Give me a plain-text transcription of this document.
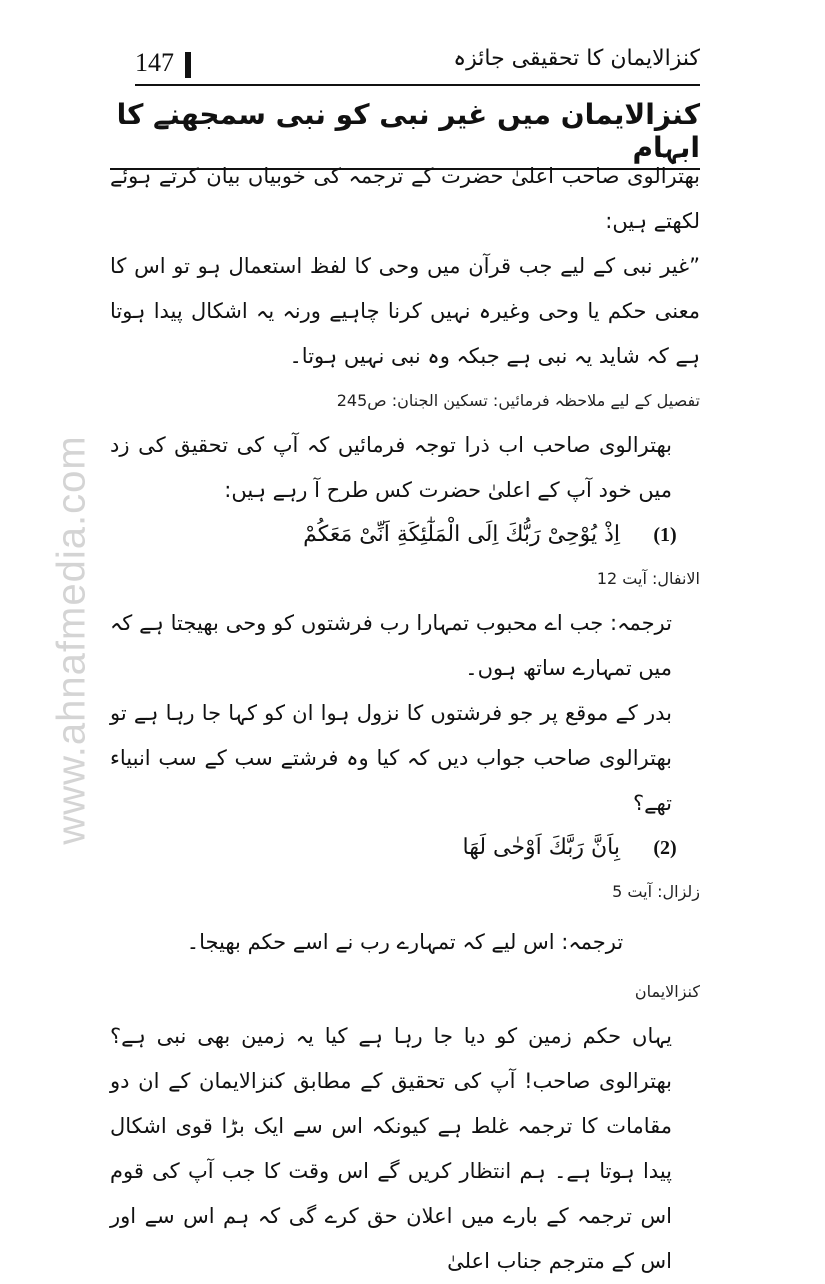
www.ahnafmedia.com
147	کنزالایمان کا تحقیقی جائزہ
کنزالایمان میں غیر نبی کو نبی سمجھنے کا ابہام

بھترالوی صاحب اعلیٰ حضرت کے ترجمہ کی خوبیاں بیان کرتے ہوئے لکھتے ہیں:

”غیر نبی کے لیے جب قرآن میں وحی کا لفظ استعمال ہو تو اس کا معنی حکم یا وحی وغیرہ نہیں کرنا چاہیے ورنہ یہ اشکال پیدا ہوتا ہے کہ شاید یہ نبی ہے جبکہ وہ نبی نہیں ہوتا۔

تفصیل کے لیے ملاحظہ فرمائیں: تسکین الجنان: ص245

بھترالوی صاحب اب ذرا توجہ فرمائیں کہ آپ کی تحقیق کی زد میں خود آپ کے اعلیٰ حضرت کس طرح آ رہے ہیں:

(1)
اِذْ یُوْحِیْ رَبُّكَ اِلَى الْمَلٰٓئِكَةِ اَنِّیْ مَعَكُمْ

الانفال: آیت 12

ترجمہ: جب اے محبوب تمہارا رب فرشتوں کو وحی بھیجتا ہے کہ میں تمہارے ساتھ ہوں۔

بدر کے موقع پر جو فرشتوں کا نزول ہوا ان کو کہا جا رہا ہے تو بھترالوی صاحب جواب دیں کہ کیا وہ فرشتے سب کے سب انبیاء تھے؟

(2)
بِاَنَّ رَبَّكَ اَوْحٰى لَهَا

زلزال: آیت 5

ترجمہ: اس لیے کہ تمہارے رب نے اسے حکم بھیجا۔

کنزالایمان

یہاں حکم زمین کو دیا جا رہا ہے کیا یہ زمین بھی نبی ہے؟ بھترالوی صاحب! آپ کی تحقیق کے مطابق کنزالایمان کے ان دو مقامات کا ترجمہ غلط ہے کیونکہ اس سے ایک بڑا قوی اشکال پیدا ہوتا ہے۔ ہم انتظار کریں گے اس وقت کا جب آپ کی قوم اس ترجمہ کے بارے میں اعلان حق کرے گی کہ ہم اس سے اور اس کے مترجم جناب اعلیٰ
